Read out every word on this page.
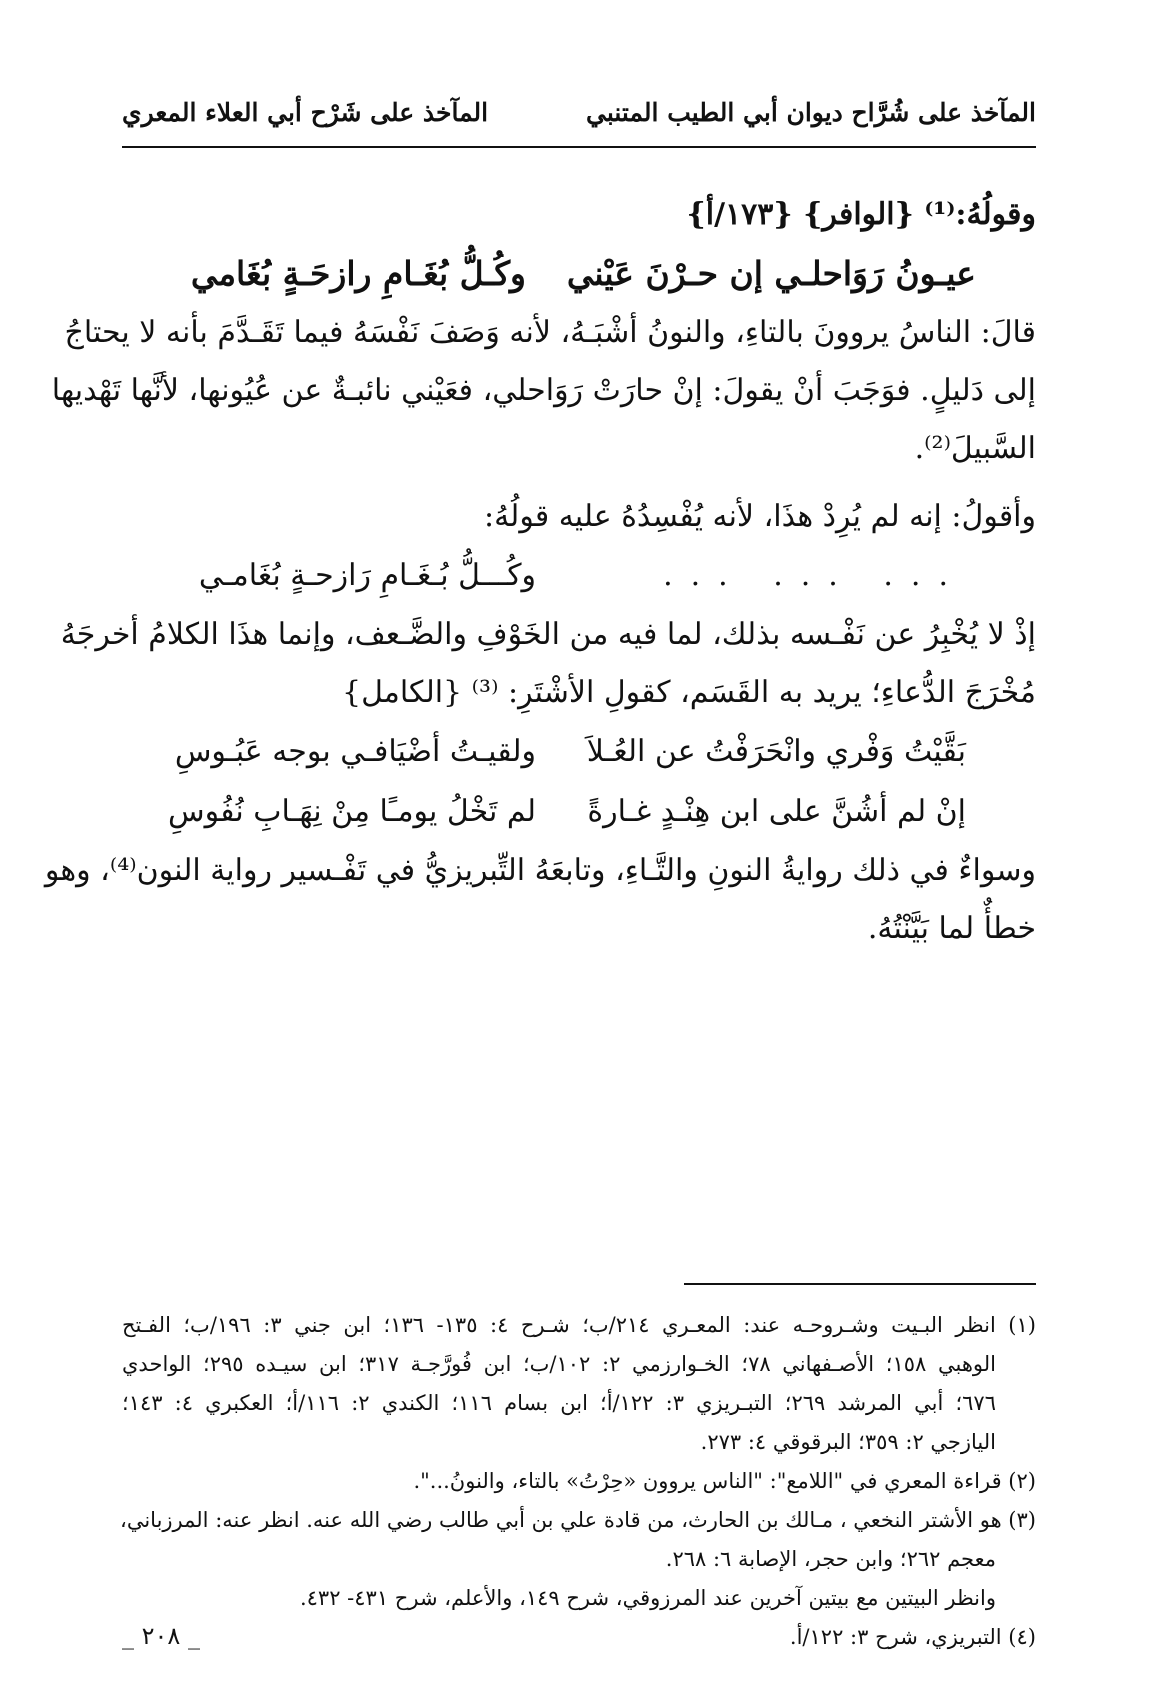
المآخذ على شُرَّاح ديوان أبي الطيب المتنبي
المآخذ على شَرْح أبي العلاء المعري
وقولُهُ:⁽¹⁾ {الوافر} {١٧٣/أ}
عيـونُ رَوَاحلـي إن حـرْنَ عَيْني
وكُـلُّ بُغَـامِ رازحَـةٍ بُغَامي
قالَ: الناسُ يروونَ بالتاءِ، والنونُ أشْبَـهُ، لأنه وَصَفَ نَفْسَهُ فيما تَقَـدَّمَ بأنه لا يحتاجُ
إلى دَليلٍ. فوَجَبَ أنْ يقولَ: إنْ حارَتْ رَوَاحلي، فعَيْني نائبـةٌ عن عُيُونها، لأنَّها تَهْديها
السَّبيلَ⁽²⁾.
وأقولُ: إنه لم يُرِدْ هذَا، لأنه يُفْسِدُهُ عليه قولُهُ:
... ... ...
وكُـــلُّ بُـغَـامِ رَازحـةٍ بُغَامـي
إذْ لا يُخْبِرُ عن نَفْـسه بذلك، لما فيه من الخَوْفِ والضَّـعف، وإنما هذَا الكلامُ أخرجَهُ
مُخْرَجَ الدُّعاءِ؛ يريد به القَسَم، كقولِ الأشْتَرِ: ⁽³⁾ {الكامل}
بَقَّيْتُ وَفْري وانْحَرَفْتُ عن العُـلاَ
ولقيـتُ أضْيَافـي بوجه عَبُـوسِ
إنْ لم أشُنَّ على ابن هِنْـدٍ غـارةً
لم تَخْلُ يومـًا مِنْ نِهَـابِ نُفُوسِ
وسواءٌ في ذلك روايةُ النونِ والتَّـاءِ، وتابعَهُ التِّبريزيُّ في تَفْـسير رواية النون⁽⁴⁾، وهو
خطأٌ لما بَيَّنْتُهُ.
(١) انظر البـيت وشـروحـه عند: المعـري ٢١٤/ب؛ شـرح ٤: ١٣٥- ١٣٦؛ ابن جني ٣: ١٩٦/ب؛ الفـتح
الوهبي ١٥٨؛ الأصـفهاني ٧٨؛ الخـوارزمي ٢: ١٠٢/ب؛ ابن فُورَّجـة ٣١٧؛ ابن سيـده ٢٩٥؛ الواحدي
٦٧٦؛ أبي المرشد ٢٦٩؛ التبـريزي ٣: ١٢٢/أ؛ ابن بسام ١١٦؛ الكندي ٢: ١١٦/أ؛ العكبري ٤: ١٤٣؛
اليازجي ٢: ٣٥٩؛ البرقوقي ٤: ٢٧٣.
(٢) قراءة المعري في "اللامع": "الناس يروون «حِرْتُ» بالتاء، والنونُ...".
(٣) هو الأشتر النخعي ، مـالك بن الحارث، من قادة علي بن أبي طالب رضي الله عنه. انظر عنه: المرزباني،
معجم ٢٦٢؛ وابن حجر، الإصابة ٦: ٢٦٨.
وانظر البيتين مع بيتين آخرين عند المرزوقي، شرح ١٤٩، والأعلم، شرح ٤٣١- ٤٣٢.
(٤) التبريزي، شرح ٣: ١٢٢/أ.
_ ٢٠٨ _
